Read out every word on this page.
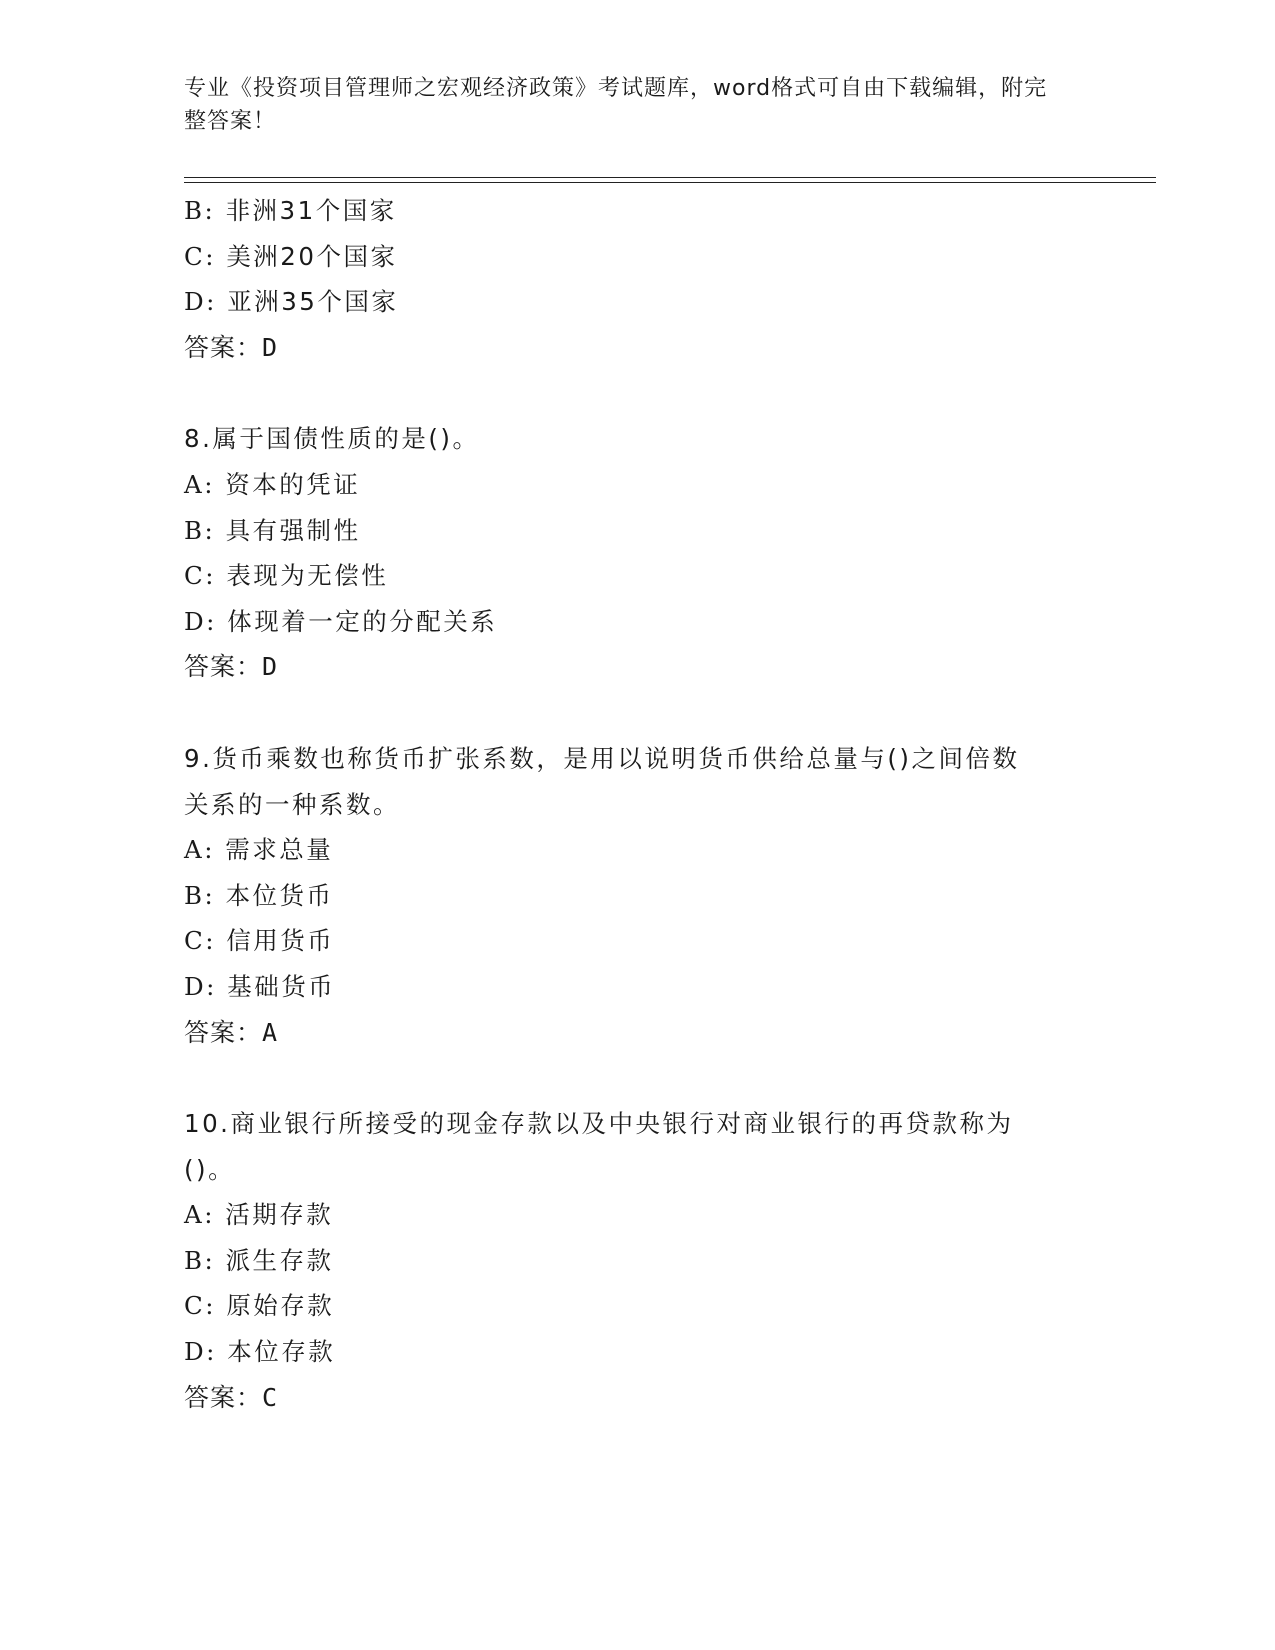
专业《投资项目管理师之宏观经济政策》考试题库，word格式可自由下载编辑，附完整答案！
B: 非洲31个国家
C: 美洲20个国家
D: 亚洲35个国家
答案：D
8.属于国债性质的是()。
A: 资本的凭证
B: 具有强制性
C: 表现为无偿性
D: 体现着一定的分配关系
答案：D
9.货币乘数也称货币扩张系数，是用以说明货币供给总量与()之间倍数关系的一种系数。
A: 需求总量
B: 本位货币
C: 信用货币
D: 基础货币
答案：A
10.商业银行所接受的现金存款以及中央银行对商业银行的再贷款称为()。
A: 活期存款
B: 派生存款
C: 原始存款
D: 本位存款
答案：C
